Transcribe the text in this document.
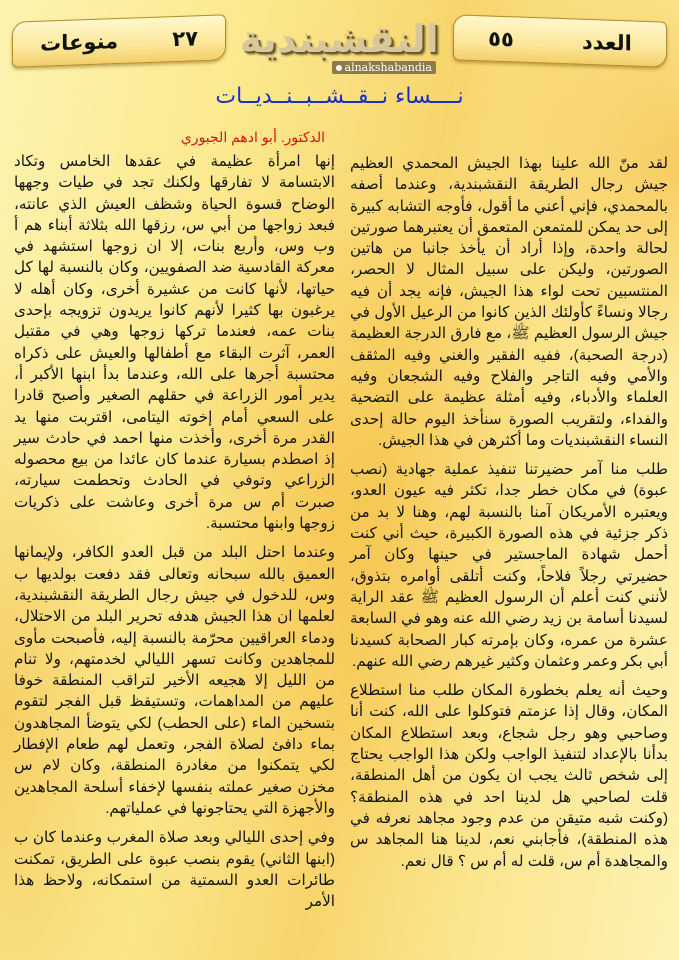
العدد
٥٥
النقشبندية
alnakshabandia
٢٧
منوعات
نــــساء نــقــشــبــنــديــات

لقد منّ الله علينا بهذا الجيش المحمدي العظيم جيش رجال الطريقة النقشبندية، وعندما أصفه بالمحمدي، فإني أعني ما أقول، فأوجه التشابه كبيرة إلى حد يمكن للمتمعن المتعمق أن يعتبرهما صورتين لحالة واحدة، وإذا أراد أن يأخذ جانبا من هاتين الصورتين، وليكن على سبيل المثال لا الحصر، المنتسبين تحت لواء هذا الجيش، فإنه يجد أن فيه رجالا ونساءً كأولئك الذين كانوا من الرعيل الأول في جيش الرسول العظيم ﷺ، مع فارق الدرجة العظيمة (درجة الصحبة)، ففيه الفقير والغني وفيه المثقف والأمي وفيه التاجر والفلاح وفيه الشجعان وفيه العلماء والأدباء، وفيه أمثلة عظيمة على التضحية والفداء، ولتقريب الصورة سنأخذ اليوم حالة إحدى النساء النقشبنديات وما أكثرهن في هذا الجيش.

طلب منا آمر حضيرتنا تنفيذ عملية جهادية (نصب عبوة) في مكان خطر جدا، تكثر فيه عيون العدو، ويعتبره الأمريكان آمنا بالنسبة لهم، وهنا لا بد من ذكر جزئية في هذه الصورة الكبيرة، حيث أني كنت أحمل شهادة الماجستير في حينها وكان آمر حضيرتي رجلاً فلاحاً، وكنت أتلقى أوامره بتذوق، لأنني كنت أعلم أن الرسول العظيم ﷺ عقد الراية لسيدنا أسامة بن زيد رضي الله عنه وهو في السابعة عشرة من عمره، وكان بإمرته كبار الصحابة كسيدنا أبي بكر وعمر وعثمان وكثير غيرهم رضي الله عنهم.

وحيث أنه يعلم بخطورة المكان طلب منا استطلاع المكان، وقال إذا عزمتم فتوكلوا على الله، كنت أنا وصاحبي وهو رجل شجاع، وبعد استطلاع المكان بدأنا بالإعداد لتنفيذ الواجب ولكن هذا الواجب يحتاج إلى شخص ثالث يجب ان يكون من أهل المنطقة، قلت لصاحبي هل لدينا احد في هذه المنطقة؟ (وكنت شبه متيقن من عدم وجود مجاهد نعرفه في هذه المنطقة)، فأجابني نعم، لدينا هنا المجاهد س والمجاهدة أم س، قلت له أم س ؟ قال نعم.

الدكتور. أبو ادهم الجبوري

إنها امرأة عظيمة في عقدها الخامس وتكاد الابتسامة لا تفارقها ولكنك تجد في طيات وجهها الوضاح قسوة الحياة وشظف العيش الذي عانته، فبعد زواجها من أبي س، رزقها الله بثلاثة أبناء هم أ وب وس، وأربع بنات، إلا ان زوجها استشهد في معركة القادسية ضد الصفويين، وكان بالنسبة لها كل حياتها، لأنها كانت من عشيرة أخرى، وكان أهله لا يرغبون بها كثيرا لأنهم كانوا يريدون تزويجه بإحدى بنات عمه، فعندما تركها زوجها وهي في مقتبل العمر، آثرت البقاء مع أطفالها والعيش على ذكراه محتسبة أجرها على الله، وعندما بدأ ابنها الأكبر أ، يدير أمور الزراعة في حقلهم الصغير وأصبح قادرا على السعي أمام إخوته اليتامى، اقتربت منها يد القدر مرة أخرى، وأخذت منها احمد في حادث سير إذ اصطدم بسيارة عندما كان عائدا من بيع محصوله الزراعي وتوفي في الحادث وتحطمت سيارته، صبرت أم س مرة أخرى وعاشت على ذكريات زوجها وابنها محتسبة.

وعندما احتل البلد من قبل العدو الكافر، ولإيمانها العميق بالله سبحانه وتعالى فقد دفعت بولديها ب وس، للدخول في جيش رجال الطريقة النقشبندية، لعلمها ان هذا الجيش هدفه تحرير البلد من الاحتلال، ودماء العراقيين محرّمة بالنسبة إليه، فأصبحت مأوى للمجاهدين وكانت تسهر الليالي لخدمتهم، ولا تنام من الليل إلا هجيعه الأخير لتراقب المنطقة خوفا عليهم من المداهمات، وتستيقظ قبل الفجر لتقوم بتسخين الماء (على الحطب) لكي يتوضأ المجاهدون بماء دافئ لصلاة الفجر، وتعمل لهم طعام الإفطار لكي يتمكنوا من مغادرة المنطقة، وكان لام س مخزن صغير عملته بنفسها لإخفاء أسلحة المجاهدين والأجهزة التي يحتاجونها في عملياتهم.

وفي إحدى الليالي وبعد صلاة المغرب وعندما كان ب (ابنها الثاني) يقوم بنصب عبوة على الطريق، تمكنت طائرات العدو السمتية من استمكانه، ولاحظ هذا الأمر
